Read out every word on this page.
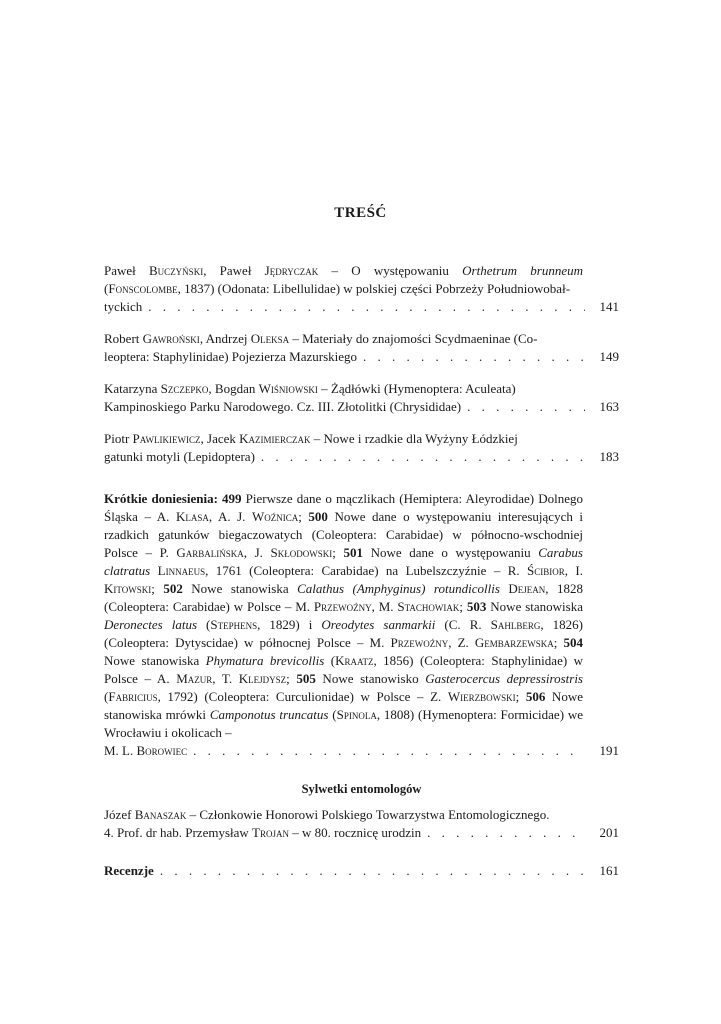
TREŚĆ
Paweł Buczyński, Paweł Jędryczak – O występowaniu Orthetrum brunneum (Fonscolombe, 1837) (Odonata: Libellulidae) w polskiej części Pobrzeży Południowobał-
tyckich . . .	141
Robert Gawroński, Andrzej Oleksa – Materiały do znajomości Scydmaeninae (Co-
leoptera: Staphylinidae) Pojezierza Mazurskiego . . .	149
Katarzyna Szczepko, Bogdan Wiśniowski – Żądłówki (Hymenoptera: Aculeata)
Kampinoskiego Parku Narodowego. Cz. III. Złotolitki (Chrysididae) . . .	163
Piotr Pawlikiewicz, Jacek Kazimierczak – Nowe i rzadkie dla Wyżyny Łódzkiej
gatunki motyli (Lepidoptera) . . .	183
Krótkie doniesienia: 499 Pierwsze dane o mączlikach (Hemiptera: Aleyrodidae) Dolnego Śląska – A. Klasa, A. J. Woźnica; 500 Nowe dane o występowaniu interesujących i rzadkich gatunków biegaczowatych (Coleoptera: Carabidae) w północno-wschodniej Polsce – P. Garbalińska, J. Skłodowski; 501 Nowe dane o występowaniu Carabus clatratus Linnaeus, 1761 (Coleoptera: Carabidae) na Lubelszczyźnie – R. Ścibior, I. Kitowski; 502 Nowe stanowiska Calathus (Amphyginus) rotundicollis Dejean, 1828 (Coleoptera: Carabidae) w Polsce – M. Przewoźny, M. Stachowiak; 503 Nowe stanowiska Deronectes latus (Stephens, 1829) i Oreodytes sanmarkii (C. R. Sahlberg, 1826) (Coleoptera: Dytyscidae) w północnej Polsce – M. Przewoźny, Z. Gembarzewska; 504 Nowe stanowiska Phymatura brevicollis (Kraatz, 1856) (Coleoptera: Staphylinidae) w Polsce – A. Mazur, T. Klejdysz; 505 Nowe stanowisko Gasterocercus depressirostris (Fabricius, 1792) (Coleoptera: Curculionidae) w Polsce – Z. Wierzbowski; 506 Nowe stanowiska mrówki Camponotus truncatus (Spinola, 1808) (Hymenoptera: Formicidae) we Wrocławiu i okolicach –
M. L. Borowiec . . .	191
Sylwetki entomologów
Józef Banaszak – Członkowie Honorowi Polskiego Towarzystwa Entomologicznego.
4. Prof. dr hab. Przemysław Trojan – w 80. rocznicę urodzin . . .	201
Recenzje . . .	161
